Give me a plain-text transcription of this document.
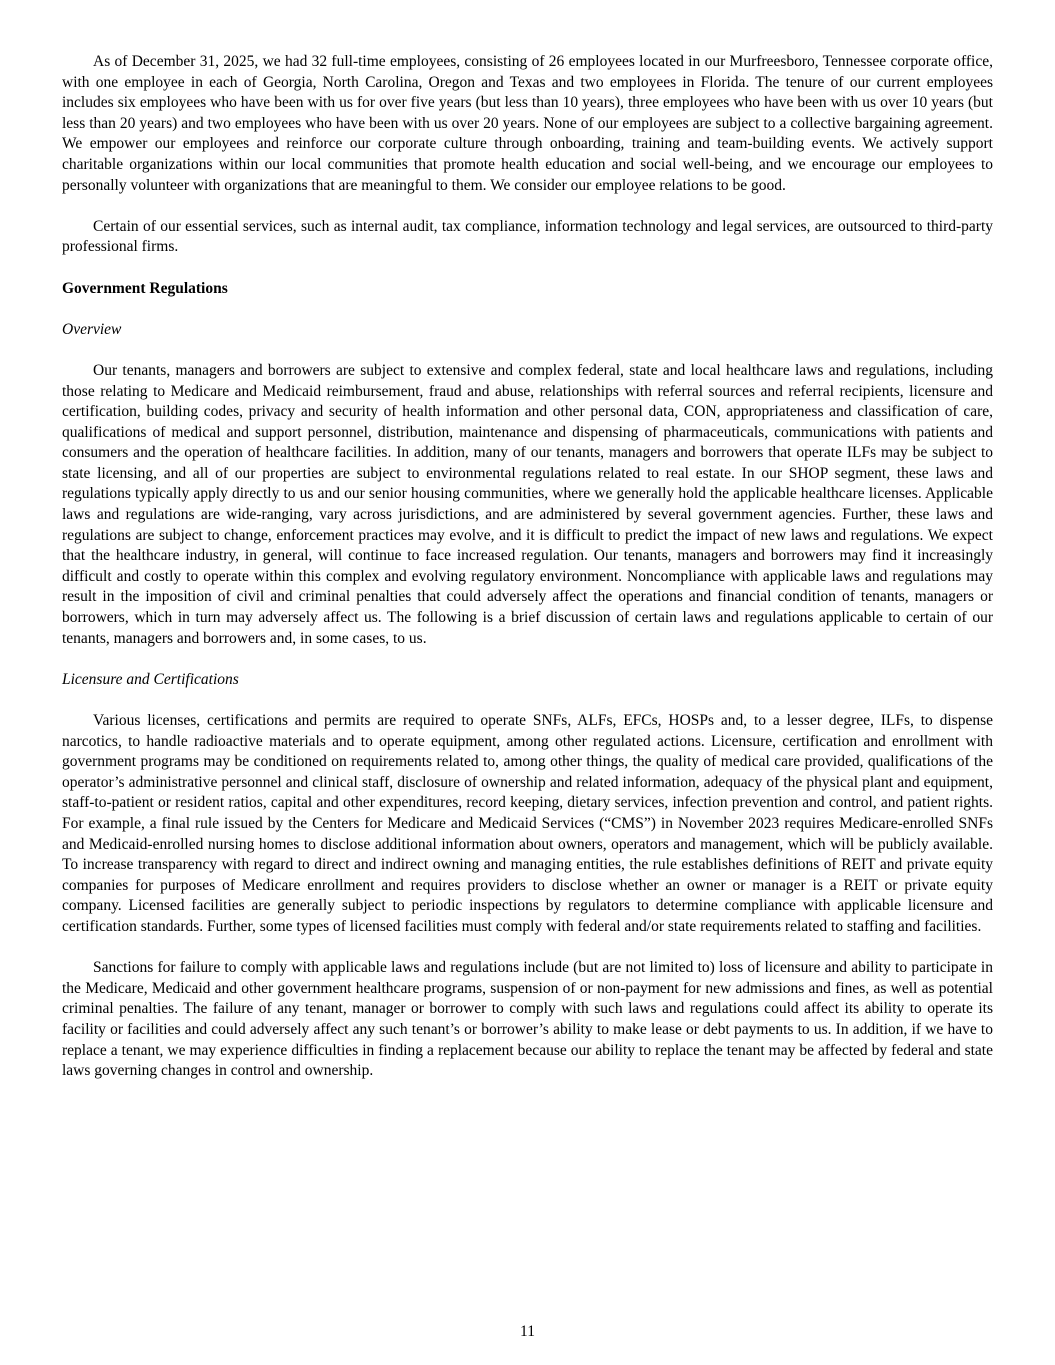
As of December 31, 2025, we had 32 full-time employees, consisting of 26 employees located in our Murfreesboro, Tennessee corporate office, with one employee in each of Georgia, North Carolina, Oregon and Texas and two employees in Florida. The tenure of our current employees includes six employees who have been with us for over five years (but less than 10 years), three employees who have been with us over 10 years (but less than 20 years) and two employees who have been with us over 20 years. None of our employees are subject to a collective bargaining agreement. We empower our employees and reinforce our corporate culture through onboarding, training and team-building events. We actively support charitable organizations within our local communities that promote health education and social well-being, and we encourage our employees to personally volunteer with organizations that are meaningful to them. We consider our employee relations to be good.

Certain of our essential services, such as internal audit, tax compliance, information technology and legal services, are outsourced to third-party professional firms.

Government Regulations

Overview

Our tenants, managers and borrowers are subject to extensive and complex federal, state and local healthcare laws and regulations, including those relating to Medicare and Medicaid reimbursement, fraud and abuse, relationships with referral sources and referral recipients, licensure and certification, building codes, privacy and security of health information and other personal data, CON, appropriateness and classification of care, qualifications of medical and support personnel, distribution, maintenance and dispensing of pharmaceuticals, communications with patients and consumers and the operation of healthcare facilities. In addition, many of our tenants, managers and borrowers that operate ILFs may be subject to state licensing, and all of our properties are subject to environmental regulations related to real estate. In our SHOP segment, these laws and regulations typically apply directly to us and our senior housing communities, where we generally hold the applicable healthcare licenses. Applicable laws and regulations are wide-ranging, vary across jurisdictions, and are administered by several government agencies. Further, these laws and regulations are subject to change, enforcement practices may evolve, and it is difficult to predict the impact of new laws and regulations. We expect that the healthcare industry, in general, will continue to face increased regulation. Our tenants, managers and borrowers may find it increasingly difficult and costly to operate within this complex and evolving regulatory environment. Noncompliance with applicable laws and regulations may result in the imposition of civil and criminal penalties that could adversely affect the operations and financial condition of tenants, managers or borrowers, which in turn may adversely affect us. The following is a brief discussion of certain laws and regulations applicable to certain of our tenants, managers and borrowers and, in some cases, to us.

Licensure and Certifications

Various licenses, certifications and permits are required to operate SNFs, ALFs, EFCs, HOSPs and, to a lesser degree, ILFs, to dispense narcotics, to handle radioactive materials and to operate equipment, among other regulated actions. Licensure, certification and enrollment with government programs may be conditioned on requirements related to, among other things, the quality of medical care provided, qualifications of the operator’s administrative personnel and clinical staff, disclosure of ownership and related information, adequacy of the physical plant and equipment, staff-to-patient or resident ratios, capital and other expenditures, record keeping, dietary services, infection prevention and control, and patient rights. For example, a final rule issued by the Centers for Medicare and Medicaid Services (“CMS”) in November 2023 requires Medicare-enrolled SNFs and Medicaid-enrolled nursing homes to disclose additional information about owners, operators and management, which will be publicly available. To increase transparency with regard to direct and indirect owning and managing entities, the rule establishes definitions of REIT and private equity companies for purposes of Medicare enrollment and requires providers to disclose whether an owner or manager is a REIT or private equity company. Licensed facilities are generally subject to periodic inspections by regulators to determine compliance with applicable licensure and certification standards. Further, some types of licensed facilities must comply with federal and/or state requirements related to staffing and facilities.

Sanctions for failure to comply with applicable laws and regulations include (but are not limited to) loss of licensure and ability to participate in the Medicare, Medicaid and other government healthcare programs, suspension of or non-payment for new admissions and fines, as well as potential criminal penalties. The failure of any tenant, manager or borrower to comply with such laws and regulations could affect its ability to operate its facility or facilities and could adversely affect any such tenant’s or borrower’s ability to make lease or debt payments to us. In addition, if we have to replace a tenant, we may experience difficulties in finding a replacement because our ability to replace the tenant may be affected by federal and state laws governing changes in control and ownership.

11
